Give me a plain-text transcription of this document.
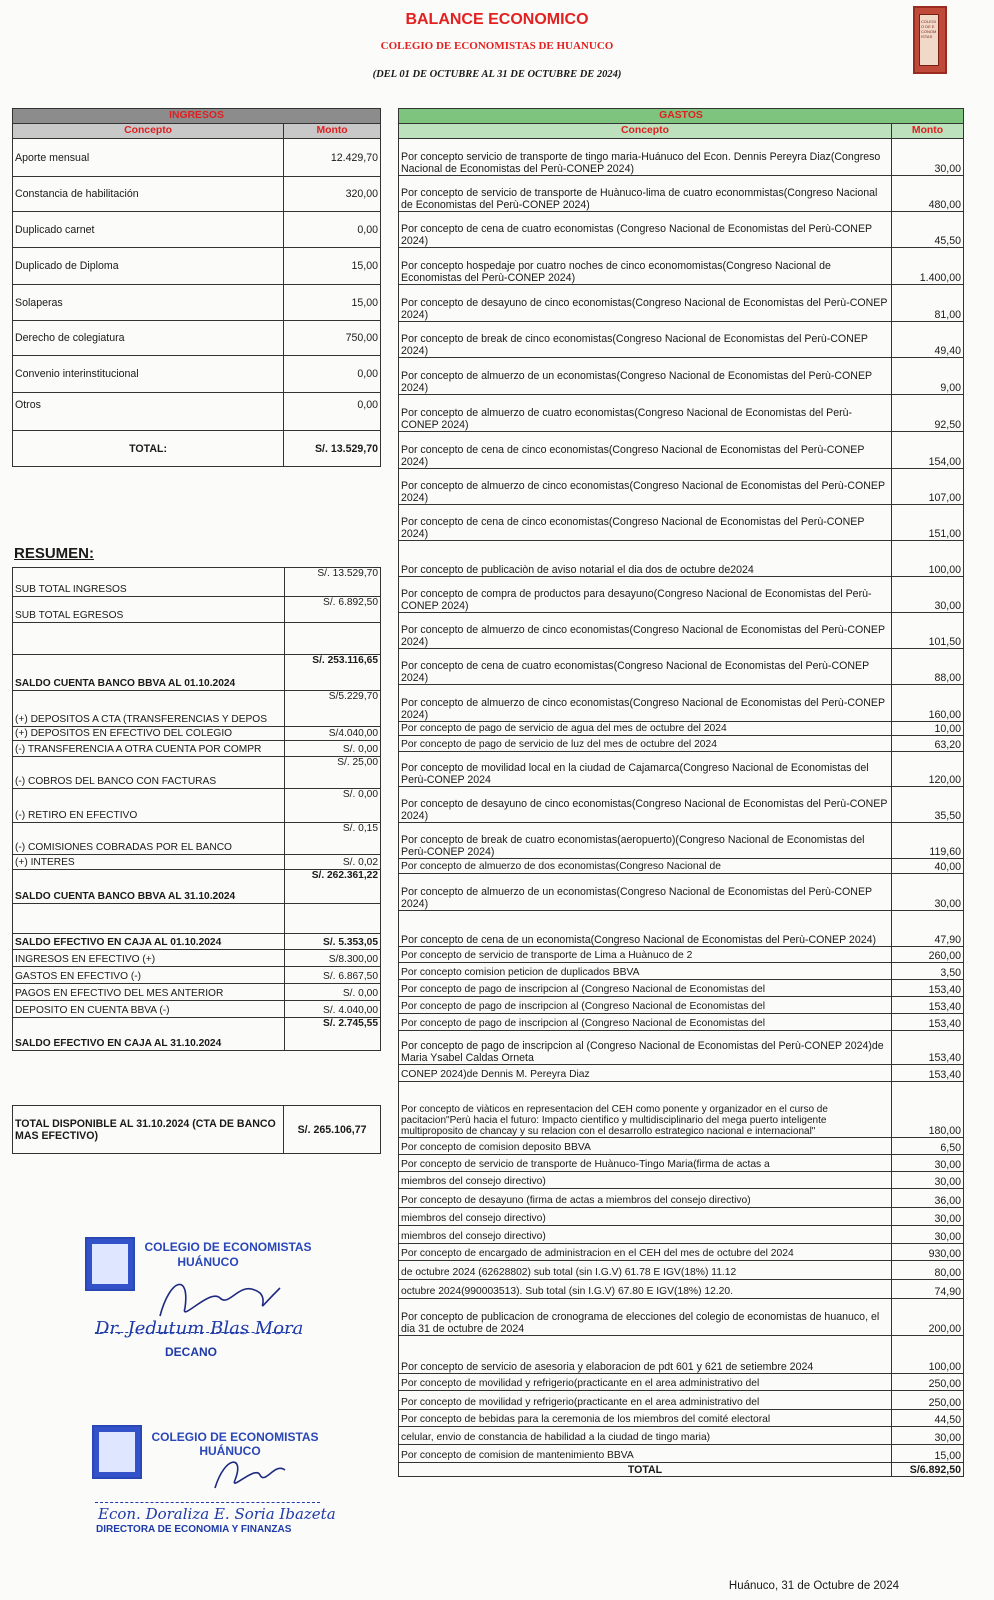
BALANCE ECONOMICO
COLEGIO DE ECONOMISTAS DE HUANUCO
(DEL 01 DE OCTUBRE AL 31 DE OCTUBRE DE 2024)
COLEGIO DE ECONOMISTAS
INGRESOS	
Concepto	Monto
Aporte mensual	12.429,70
Constancia de habilitación	320,00
Duplicado carnet	0,00
Duplicado de Diploma	15,00
Solaperas	15,00
Derecho de colegiatura	750,00
Convenio interinstitucional	0,00
Otros	0,00
TOTAL:	S/. 13.529,70
RESUMEN:
SUB TOTAL INGRESOS	S/. 13.529,70
SUB TOTAL EGRESOS	S/. 6.892,50

SALDO CUENTA BANCO BBVA AL 01.10.2024	S/. 253.116,65
(+) DEPOSITOS A CTA (TRANSFERENCIAS Y DEPOS	S/5.229,70
(+) DEPOSITOS EN EFECTIVO DEL COLEGIO	S/4.040,00
(-) TRANSFERENCIA A OTRA CUENTA POR COMPR	S/. 0,00
(-) COBROS DEL BANCO CON FACTURAS	S/. 25,00
(-) RETIRO EN EFECTIVO	S/. 0,00
(-) COMISIONES COBRADAS POR EL BANCO	S/. 0,15
(+) INTERES	S/. 0,02
SALDO CUENTA BANCO BBVA AL 31.10.2024	S/. 262.361,22

SALDO EFECTIVO EN CAJA AL 01.10.2024	S/. 5.353,05
INGRESOS EN EFECTIVO (+)	S/8.300,00
GASTOS EN EFECTIVO (-)	S/. 6.867,50
PAGOS EN EFECTIVO DEL MES ANTERIOR	S/. 0,00
DEPOSITO EN CUENTA BBVA (-)	S/. 4.040,00
SALDO EFECTIVO EN CAJA AL 31.10.2024	S/. 2.745,55
TOTAL DISPONIBLE AL 31.10.2024 (CTA DE BANCO MAS EFECTIVO)	S/. 265.106,77
GASTOS	
Concepto	Monto
Por concepto servicio de transporte de tingo maria-Huánuco del Econ. Dennis Pereyra Diaz(Congreso Nacional de Economistas del Perù-CONEP 2024)	30,00
Por concepto de servicio de transporte de Huànuco-lima de cuatro econommistas(Congreso Nacional de Economistas del Perù-CONEP 2024)	480,00
Por concepto de cena de cuatro economistas (Congreso Nacional de Economistas del Perù-CONEP 2024)	45,50
Por concepto hospedaje por cuatro noches de cinco economomistas(Congreso Nacional de Economistas del Perù-CONEP 2024)	1.400,00
Por concepto de desayuno de cinco economistas(Congreso Nacional de Economistas del Perù-CONEP 2024)	81,00
Por concepto de break de cinco economistas(Congreso Nacional de Economistas del Perù-CONEP 2024)	49,40
Por concepto de almuerzo de un economistas(Congreso Nacional de Economistas del Perù-CONEP 2024)	9,00
Por concepto de almuerzo de cuatro economistas(Congreso Nacional de Economistas del Perù-CONEP 2024)	92,50
Por concepto de cena de cinco economistas(Congreso Nacional de Economistas del Perù-CONEP 2024)	154,00
Por concepto de almuerzo de cinco economistas(Congreso Nacional de Economistas del Perù-CONEP 2024)	107,00
Por concepto de cena de cinco economistas(Congreso Nacional de Economistas del Perù-CONEP 2024)	151,00
Por concepto de publicaciòn de aviso notarial el dia dos de octubre de2024	100,00
Por concepto de compra de productos para desayuno(Congreso Nacional de Economistas del Perù-CONEP 2024)	30,00
Por concepto de almuerzo de cinco economistas(Congreso Nacional de Economistas del Perù-CONEP 2024)	101,50
Por concepto de cena de cuatro economistas(Congreso Nacional de Economistas del Perù-CONEP 2024)	88,00
Por concepto de almuerzo de cinco economistas(Congreso Nacional de Economistas del Perù-CONEP 2024)	160,00
Por concepto de pago de servicio de agua del mes de octubre del 2024	10,00
Por concepto de pago de servicio de luz del mes de octubre del 2024	63,20
Por concepto de movilidad local en la ciudad de Cajamarca(Congreso Nacional de Economistas del Perù-CONEP 2024	120,00
Por concepto de desayuno de cinco economistas(Congreso Nacional de Economistas del Perù-CONEP 2024)	35,50
Por concepto de break de cuatro economistas(aeropuerto)(Congreso Nacional de Economistas del Perù-CONEP 2024)	119,60
Por concepto de almuerzo de dos economistas(Congreso Nacional de	40,00
Por concepto de almuerzo de un economistas(Congreso Nacional de Economistas del Perù-CONEP 2024)	30,00
Por concepto de cena de un economista(Congreso Nacional de Economistas del Perù-CONEP 2024)	47,90
Por concepto de servicio de transporte de Lima a Huànuco de 2	260,00
Por concepto comision peticion de duplicados BBVA	3,50
Por concepto de pago de inscripcion al (Congreso Nacional de Economistas del	153,40
Por concepto de pago de inscripcion al (Congreso Nacional de Economistas del	153,40
Por concepto de pago de inscripcion al (Congreso Nacional de Economistas del	153,40
Por concepto de pago de inscripcion al (Congreso Nacional de Economistas del Perù-CONEP 2024)de Maria Ysabel Caldas Orneta	153,40
CONEP 2024)de Dennis M. Pereyra Diaz	153,40
Por concepto de viàticos en representacion del CEH como ponente y organizador en el curso de pacitacion"Perù hacia el futuro: Impacto cientifico y multidisciplinario del mega puerto inteligente multiproposito de chancay y su relacion con el desarrollo estrategico nacional e internacional"	180,00
Por concepto de comision deposito BBVA	6,50
Por concepto de servicio de transporte de Huànuco-Tingo Maria(firma de actas a	30,00
miembros del consejo directivo)	30,00
Por concepto de desayuno (firma de actas a miembros del consejo directivo)	36,00
miembros del consejo directivo)	30,00
miembros del consejo directivo)	30,00
Por concepto de encargado de administracion en el CEH del mes de octubre del 2024	930,00
de octubre 2024 (62628802) sub total (sin I.G.V) 61.78 E IGV(18%) 11.12	80,00
octubre 2024(990003513). Sub total (sin I.G.V) 67.80 E IGV(18%) 12.20.	74,90
Por concepto de publicacion de cronograma de elecciones del colegio de economistas de huanuco, el dia 31 de octubre de 2024	200,00
Por concepto de servicio de asesoria y elaboracion de pdt 601 y 621 de setiembre 2024	100,00
Por concepto de movilidad y refrigerio(practicante en el area administrativo del	250,00
Por concepto de movilidad y refrigerio(practicante en el area administrativo del	250,00
Por concepto de bebidas para la ceremonia de los miembros del comité electoral	44,50
celular, envio de constancia de habilidad a la ciudad de tingo maria)	30,00
Por concepto de comision de mantenimiento BBVA	15,00
TOTAL	S/6.892,50
COLEGIO DE ECONOMISTAS
HUÁNUCO
Dr. Jedutum Blas Mora
DECANO
COLEGIO DE ECONOMISTAS
HUÁNUCO
Econ. Doraliza E. Soria Ibazeta
DIRECTORA DE ECONOMIA Y FINANZAS
Huánuco, 31 de Octubre de 2024
